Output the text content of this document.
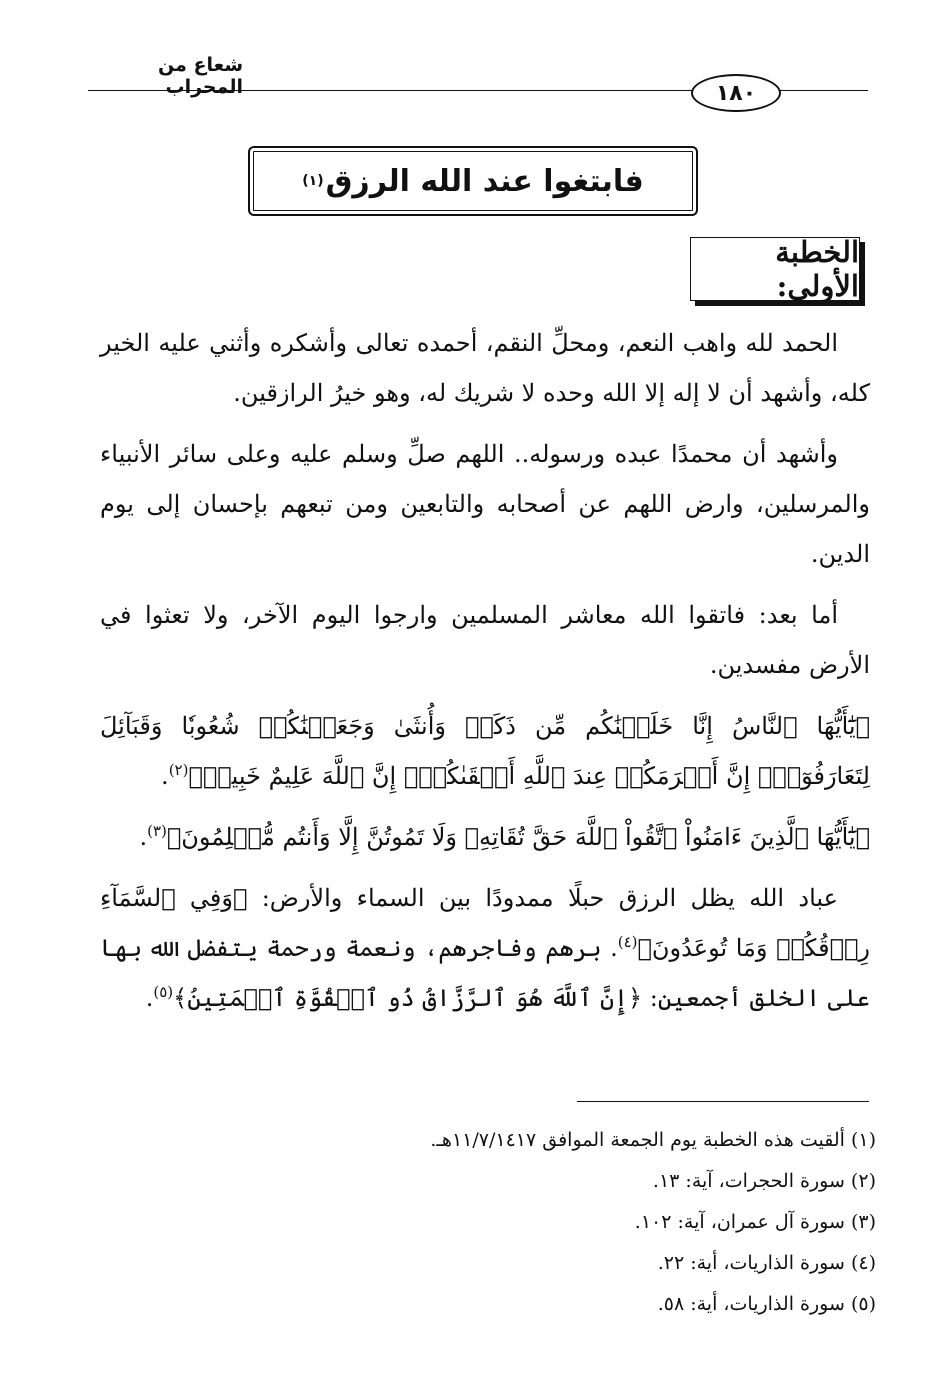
شعاع من المحراب	١٨٠
فابتغوا عند الله الرزق
(١)
الخطبة الأولى:

الحمد لله واهب النعم، ومحلِّ النقم، أحمده تعالى وأشكره وأثني عليه الخير كله، وأشهد أن لا إله إلا الله وحده لا شريك له، وهو خيرُ الرازقين.

وأشهد أن محمدًا عبده ورسوله.. اللهم صلِّ وسلم عليه وعلى سائر الأنبياء والمرسلين، وارض اللهم عن أصحابه والتابعين ومن تبعهم بإحسان إلى يوم الدين.

أما بعد: فاتقوا الله معاشر المسلمين وارجوا اليوم الآخر، ولا تعثوا في الأرض مفسدين.

﴿يَٰٓأَيُّهَا ٱلنَّاسُ إِنَّا خَلَقۡنَٰكُم مِّن ذَكَرٖ وَأُنثَىٰ وَجَعَلۡنَٰكُمۡ شُعُوبٗا وَقَبَآئِلَ لِتَعَارَفُوٓاْۚ إِنَّ أَكۡرَمَكُمۡ عِندَ ٱللَّهِ أَتۡقَىٰكُمۡۚ إِنَّ ٱللَّهَ عَلِيمٌ خَبِيرٞ﴾$^{(٢)}$.

﴿يَٰٓأَيُّهَا ٱلَّذِينَ ءَامَنُواْ ٱتَّقُواْ ٱللَّهَ حَقَّ تُقَاتِهِۦ وَلَا تَمُوتُنَّ إِلَّا وَأَنتُم مُّسۡلِمُونَ﴾$^{(٣)}$.

عباد الله يظل الرزق حبلًا ممدودًا بين السماء والأرض: ﴿وَفِي ٱلسَّمَآءِ رِزۡقُكُمۡ وَمَا تُوعَدُونَ﴾$^{(٤)}$. برهم وفاجرهم، ونعمة ورحمة يتفضل الله بها على الخلق أجمعين: ﴿إِنَّ ٱللَّهَ هُوَ ٱلرَّزَّاقُ ذُو ٱلۡقُوَّةِ ٱلۡمَتِينُ﴾$^{(٥)}$.

(١) ألقيت هذه الخطبة يوم الجمعة الموافق ١١/٧/١٤١٧هـ.
(٢) سورة الحجرات، آية: ١٣.
(٣) سورة آل عمران، آية: ١٠٢.
(٤) سورة الذاريات، أية: ٢٢.
(٥) سورة الذاريات، أية: ٥٨.
